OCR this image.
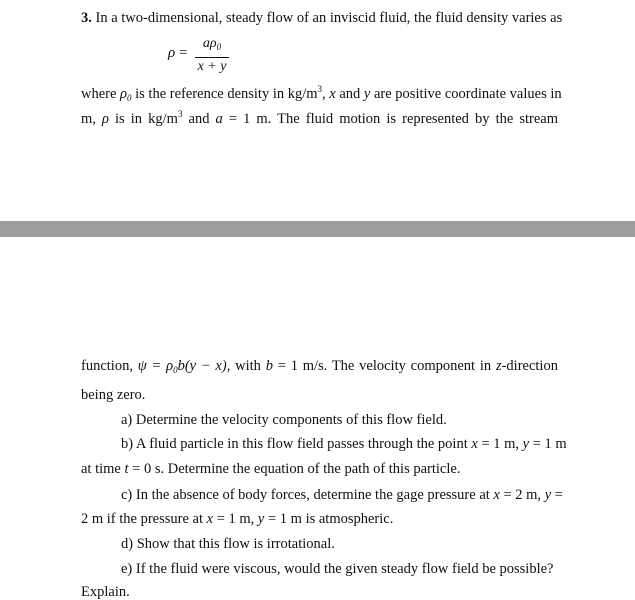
3. In a two-dimensional, steady flow of an inviscid fluid, the fluid density varies as
ρ =
$a\rho_0$
x + y
where $\rho_0$ is the reference density in $kg/m^3$, x and y are positive coordinate values in
m, ρ is in $kg/m^3$ and a = 1 m. The fluid motion is represented by the stream
function, $\psi = \rho_0b(y - x)$, with b = 1 m/s. The velocity component in z-direction
being zero.
a) Determine the velocity components of this flow field.
b) A fluid particle in this flow field passes through the point x = 1 m, y = 1 m
at time t = 0 s. Determine the equation of the path of this particle.
c) In the absence of body forces, determine the gage pressure at x = 2 m, y =
2 m if the pressure at x = 1 m, y = 1 m is atmospheric.
d) Show that this flow is irrotational.
e) If the fluid were viscous, would the given steady flow field be possible?
Explain.
